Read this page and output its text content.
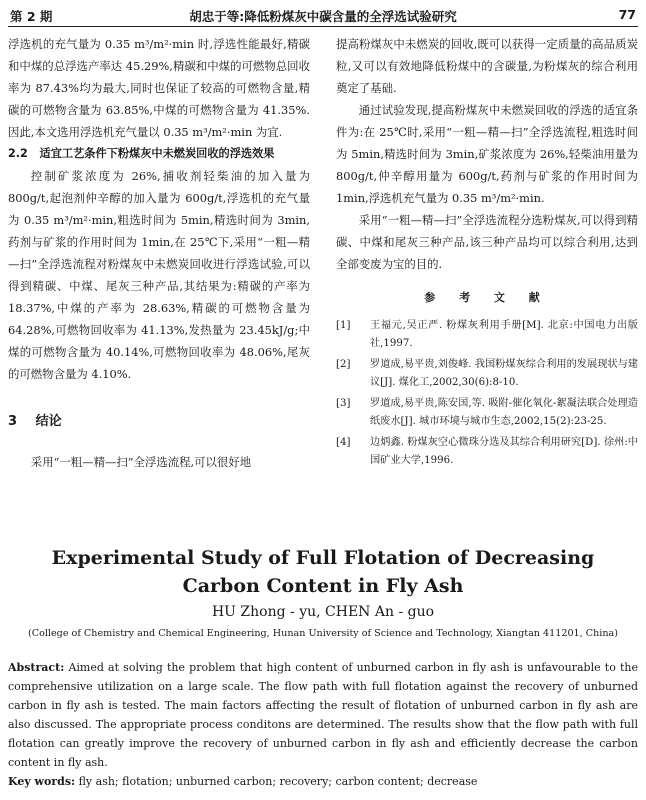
第 2 期	胡忠于等:降低粉煤灰中碳含量的全浮选试验研究	77

浮选机的充气量为 0.35 m³/m²·min 时,浮选性能最好,精碳和中煤的总浮选产率达 45.29%,精碳和中煤的可燃物总回收率为 87.43%均为最大,同时也保证了较高的可燃物含量,精碳的可燃物含量为 63.85%,中煤的可燃物含量为 41.35%.因此,本文选用浮选机充气量以 0.35 m³/m²·min 为宜.

2.2 适宜工艺条件下粉煤灰中未燃炭回收的浮选效果

控制矿浆浓度为 26%,捕收剂轻柴油的加入量为 800g/t,起泡剂仲辛醇的加入量为 600g/t,浮选机的充气量为 0.35 m³/m²·min,粗选时间为 5min,精选时间为 3min,药剂与矿浆的作用时间为 1min,在 25℃下,采用“一粗—精—扫”全浮选流程对粉煤灰中未燃炭回收进行浮选试验,可以得到精碳、中煤、尾灰三种产品,其结果为:精碳的产率为 18.37%,中煤的产率为 28.63%,精碳的可燃物含量为 64.28%,可燃物回收率为 41.13%,发热量为 23.45kJ/g;中煤的可燃物含量为 40.14%,可燃物回收率为 48.06%,尾灰的可燃物含量为 4.10%.

3 结论

采用“一粗—精—扫”全浮选流程,可以很好地

提高粉煤灰中未燃炭的回收,既可以获得一定质量的高品质炭粒,又可以有效地降低粉煤中的含碳量,为粉煤灰的综合利用奠定了基础.

通过试验发现,提高粉煤灰中未燃炭回收的浮选的适宜条件为:在 25℃时,采用“一粗—精—扫”全浮选流程,粗选时间为 5min,精选时间为 3min,矿浆浓度为 26%,轻柴油用量为 800g/t,仲辛醇用量为 600g/t,药剂与矿浆的作用时间为 1min,浮选机充气量为 0.35 m³/m²·min.

采用“一粗—精—扫”全浮选流程分选粉煤灰,可以得到精碳、中煤和尾灰三种产品,该三种产品均可以综合利用,达到全部变废为宝的目的.

参 考 文 献
[1]	王福元,吴正严. 粉煤灰利用手册[M]. 北京:中国电力出版社,1997.
[2]	罗道成,易平贵,刘俊峰. 我国粉煤灰综合利用的发展现状与建议[J]. 煤化工,2002,30(6):8-10.
[3]	罗道成,易平贵,陈安国,等. 吸附-催化氧化-絮凝法联合处理造纸废水[J]. 城市环境与城市生态,2002,15(2):23-25.
[4]	边炳鑫. 粉煤灰空心微珠分选及其综合利用研究[D]. 徐州:中国矿业大学,1996.
Experimental Study of Full Flotation of Decreasing
Carbon Content in Fly Ash
HU Zhong - yu, CHEN An - guo
(College of Chemistry and Chemical Engineering, Hunan University of Science and Technology, Xiangtan 411201, China)
Abstract: Aimed at solving the problem that high content of unburned carbon in fly ash is unfavourable to the comprehensive utilization on a large scale. The flow path with full flotation against the recovery of unburned carbon in fly ash is tested. The main factors affecting the result of flotation of unburned carbon in fly ash are also discussed. The appropriate process conditons are determined. The results show that the flow path with full flotation can greatly improve the recovery of unburned carbon in fly ash and efficiently decrease the carbon content in fly ash.
Key words: fly ash; flotation; unburned carbon; recovery; carbon content; decrease
